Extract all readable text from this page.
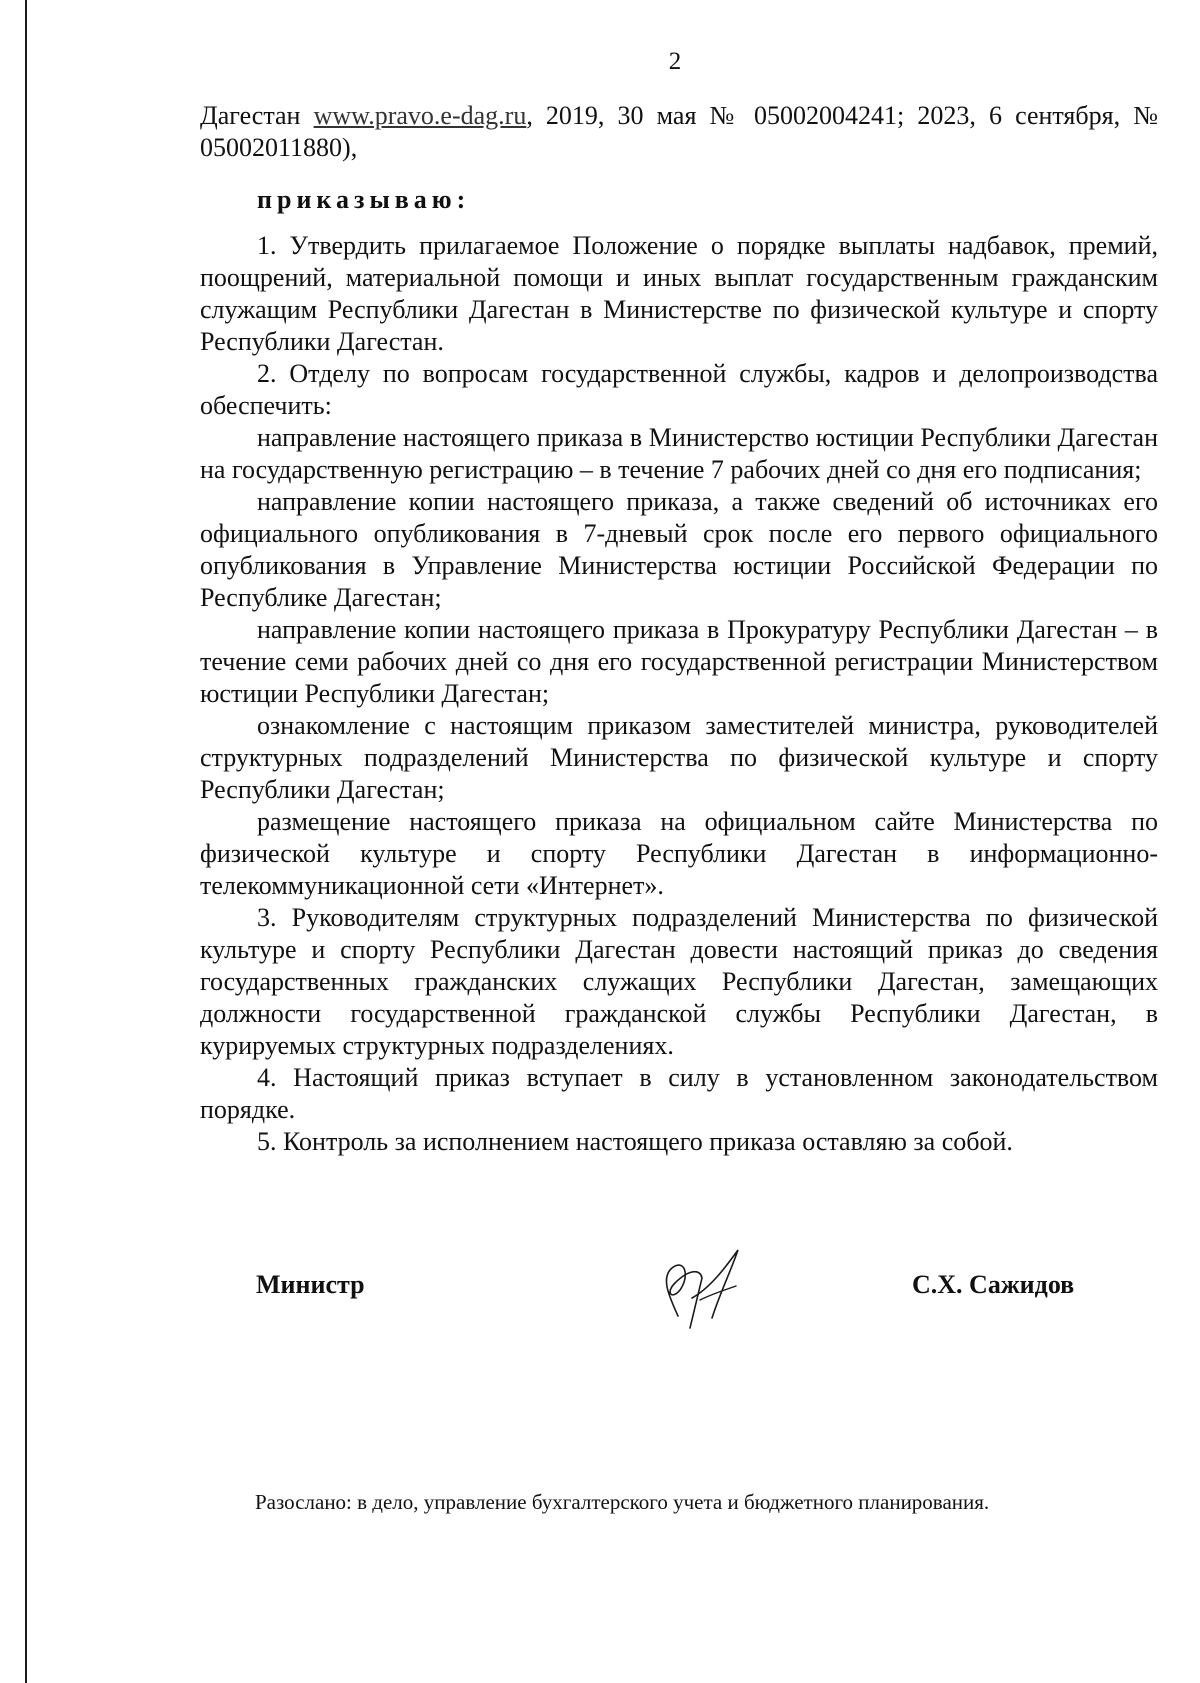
2

Дагестан www.pravo.e-dag.ru, 2019, 30 мая № 05002004241; 2023, 6 сентября, № 05002011880),

приказываю:

1. Утвердить прилагаемое Положение о порядке выплаты надбавок, премий, поощрений, материальной помощи и иных выплат государственным гражданским служащим Республики Дагестан в Министерстве по физической культуре и спорту Республики Дагестан.

2. Отделу по вопросам государственной службы, кадров и делопроизводства обеспечить:

направление настоящего приказа в Министерство юстиции Республики Дагестан на государственную регистрацию – в течение 7 рабочих дней со дня его подписания;

направление копии настоящего приказа, а также сведений об источниках его официального опубликования в 7-дневый срок после его первого официального опубликования в Управление Министерства юстиции Российской Федерации по Республике Дагестан;

направление копии настоящего приказа в Прокуратуру Республики Дагестан – в течение семи рабочих дней со дня его государственной регистрации Министерством юстиции Республики Дагестан;

ознакомление с настоящим приказом заместителей министра, руководителей структурных подразделений Министерства по физической культуре и спорту Республики Дагестан;

размещение настоящего приказа на официальном сайте Министерства по физической культуре и спорту Республики Дагестан в информационно-телекоммуникационной сети «Интернет».

3. Руководителям структурных подразделений Министерства по физической культуре и спорту Республики Дагестан довести настоящий приказ до сведения государственных гражданских служащих Республики Дагестан, замещающих должности государственной гражданской службы Республики Дагестан, в курируемых структурных подразделениях.

4. Настоящий приказ вступает в силу в установленном законодательством порядке.

5. Контроль за исполнением настоящего приказа оставляю за собой.

Министр	С.Х. Сажидов
Разослано: в дело, управление бухгалтерского учета и бюджетного планирования.
